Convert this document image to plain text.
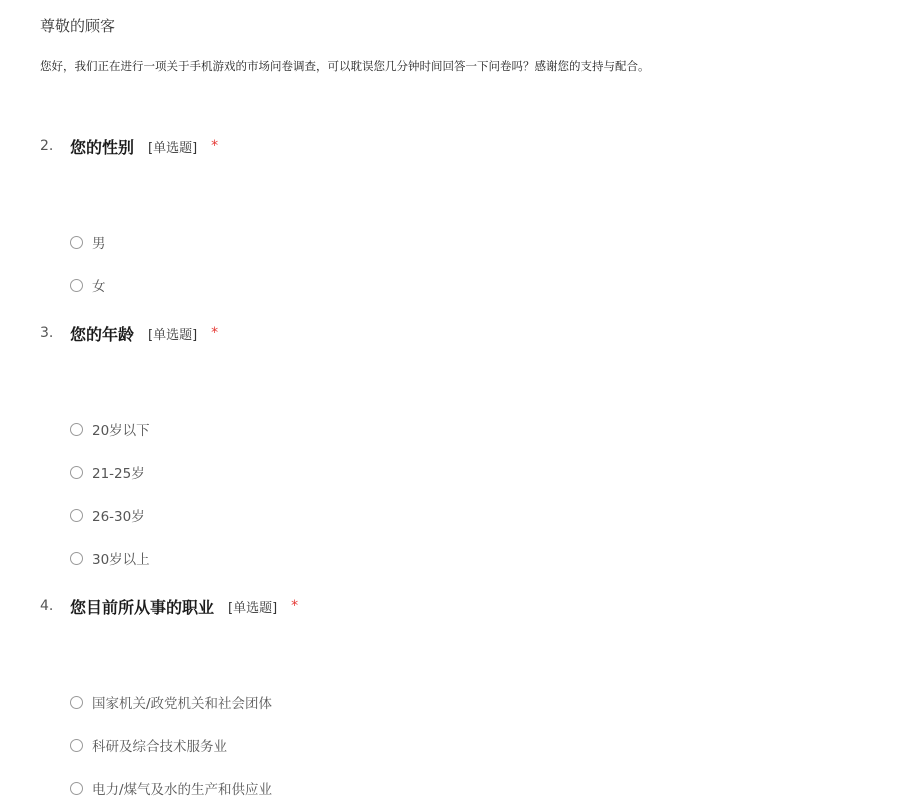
尊敬的顾客

您好，我们正在进行一项关于手机游戏的市场问卷调查，可以耽误您几分钟时间回答一下问卷吗？感谢您的支持与配合。

2.	您的性别 [单选题] *
男
女
3.	您的年龄 [单选题] *
20岁以下
21-25岁
26-30岁
30岁以上
4.	您目前所从事的职业 [单选题] *
国家机关/政党机关和社会团体
科研及综合技术服务业
电力/煤气及水的生产和供应业
